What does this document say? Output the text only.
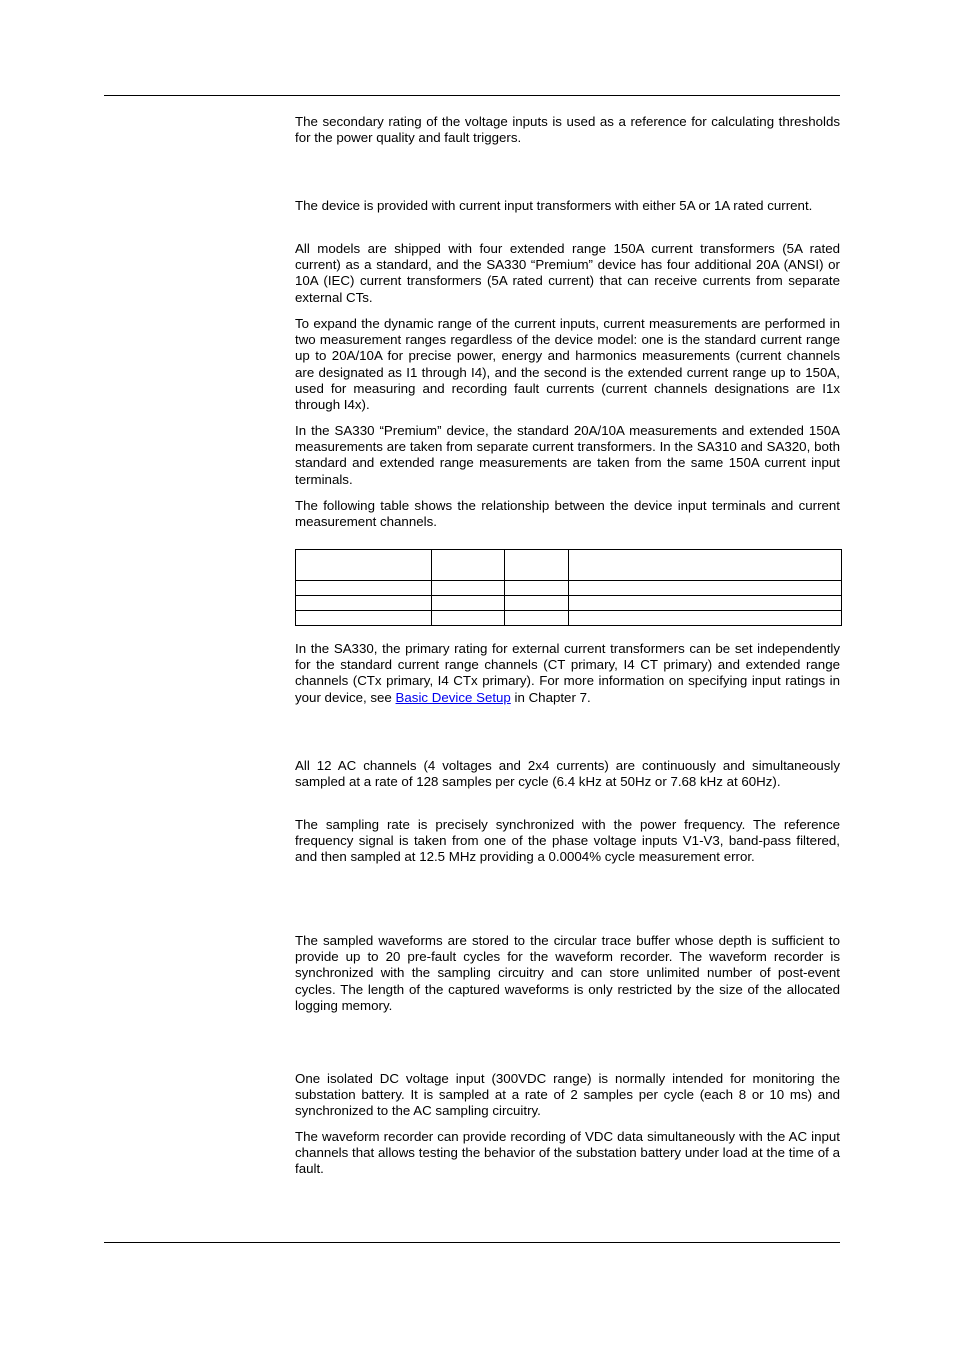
The secondary rating of the voltage inputs is used as a reference for calculating thresholds for the power quality and fault triggers.

The device is provided with current input transformers with either 5A or 1A rated current.

All models are shipped with four extended range 150A current transformers (5A rated current) as a standard, and the SA330 “Premium” device has four additional 20A (ANSI) or 10A (IEC) current transformers (5A rated current) that can receive currents from separate external CTs.

To expand the dynamic range of the current inputs, current measurements are performed in two measurement ranges regardless of the device model: one is the standard current range up to 20A/10A for precise power, energy and harmonics measurements (current channels are designated as I1 through I4), and the second is the extended current range up to 150A, used for measuring and recording fault currents (current channels designations are I1x through I4x).

In the SA330 “Premium” device, the standard 20A/10A measurements and extended 150A measurements are taken from separate current transformers. In the SA310 and SA320, both standard and extended range measurements are taken from the same 150A current input terminals.

The following table shows the relationship between the device input terminals and current measurement channels.

In the SA330, the primary rating for external current transformers can be set independently for the standard current range channels (CT primary, I4 CT primary) and extended range channels (CTx primary, I4 CTx primary). For more information on specifying input ratings in your device, see Basic Device Setup in Chapter 7.

All 12 AC channels (4 voltages and 2x4 currents) are continuously and simultaneously sampled at a rate of 128 samples per cycle (6.4 kHz at 50Hz or 7.68 kHz at 60Hz).

The sampling rate is precisely synchronized with the power frequency. The reference frequency signal is taken from one of the phase voltage inputs V1-V3, band-pass filtered, and then sampled at 12.5 MHz providing a 0.0004% cycle measurement error.

The sampled waveforms are stored to the circular trace buffer whose depth is sufficient to provide up to 20 pre-fault cycles for the waveform recorder. The waveform recorder is synchronized with the sampling circuitry and can store unlimited number of post-event cycles. The length of the captured waveforms is only restricted by the size of the allocated logging memory.

One isolated DC voltage input (300VDC range) is normally intended for monitoring the substation battery. It is sampled at a rate of 2 samples per cycle (each 8 or 10 ms) and synchronized to the AC sampling circuitry.

The waveform recorder can provide recording of VDC data simultaneously with the AC input channels that allows testing the behavior of the substation battery under load at the time of a fault.
